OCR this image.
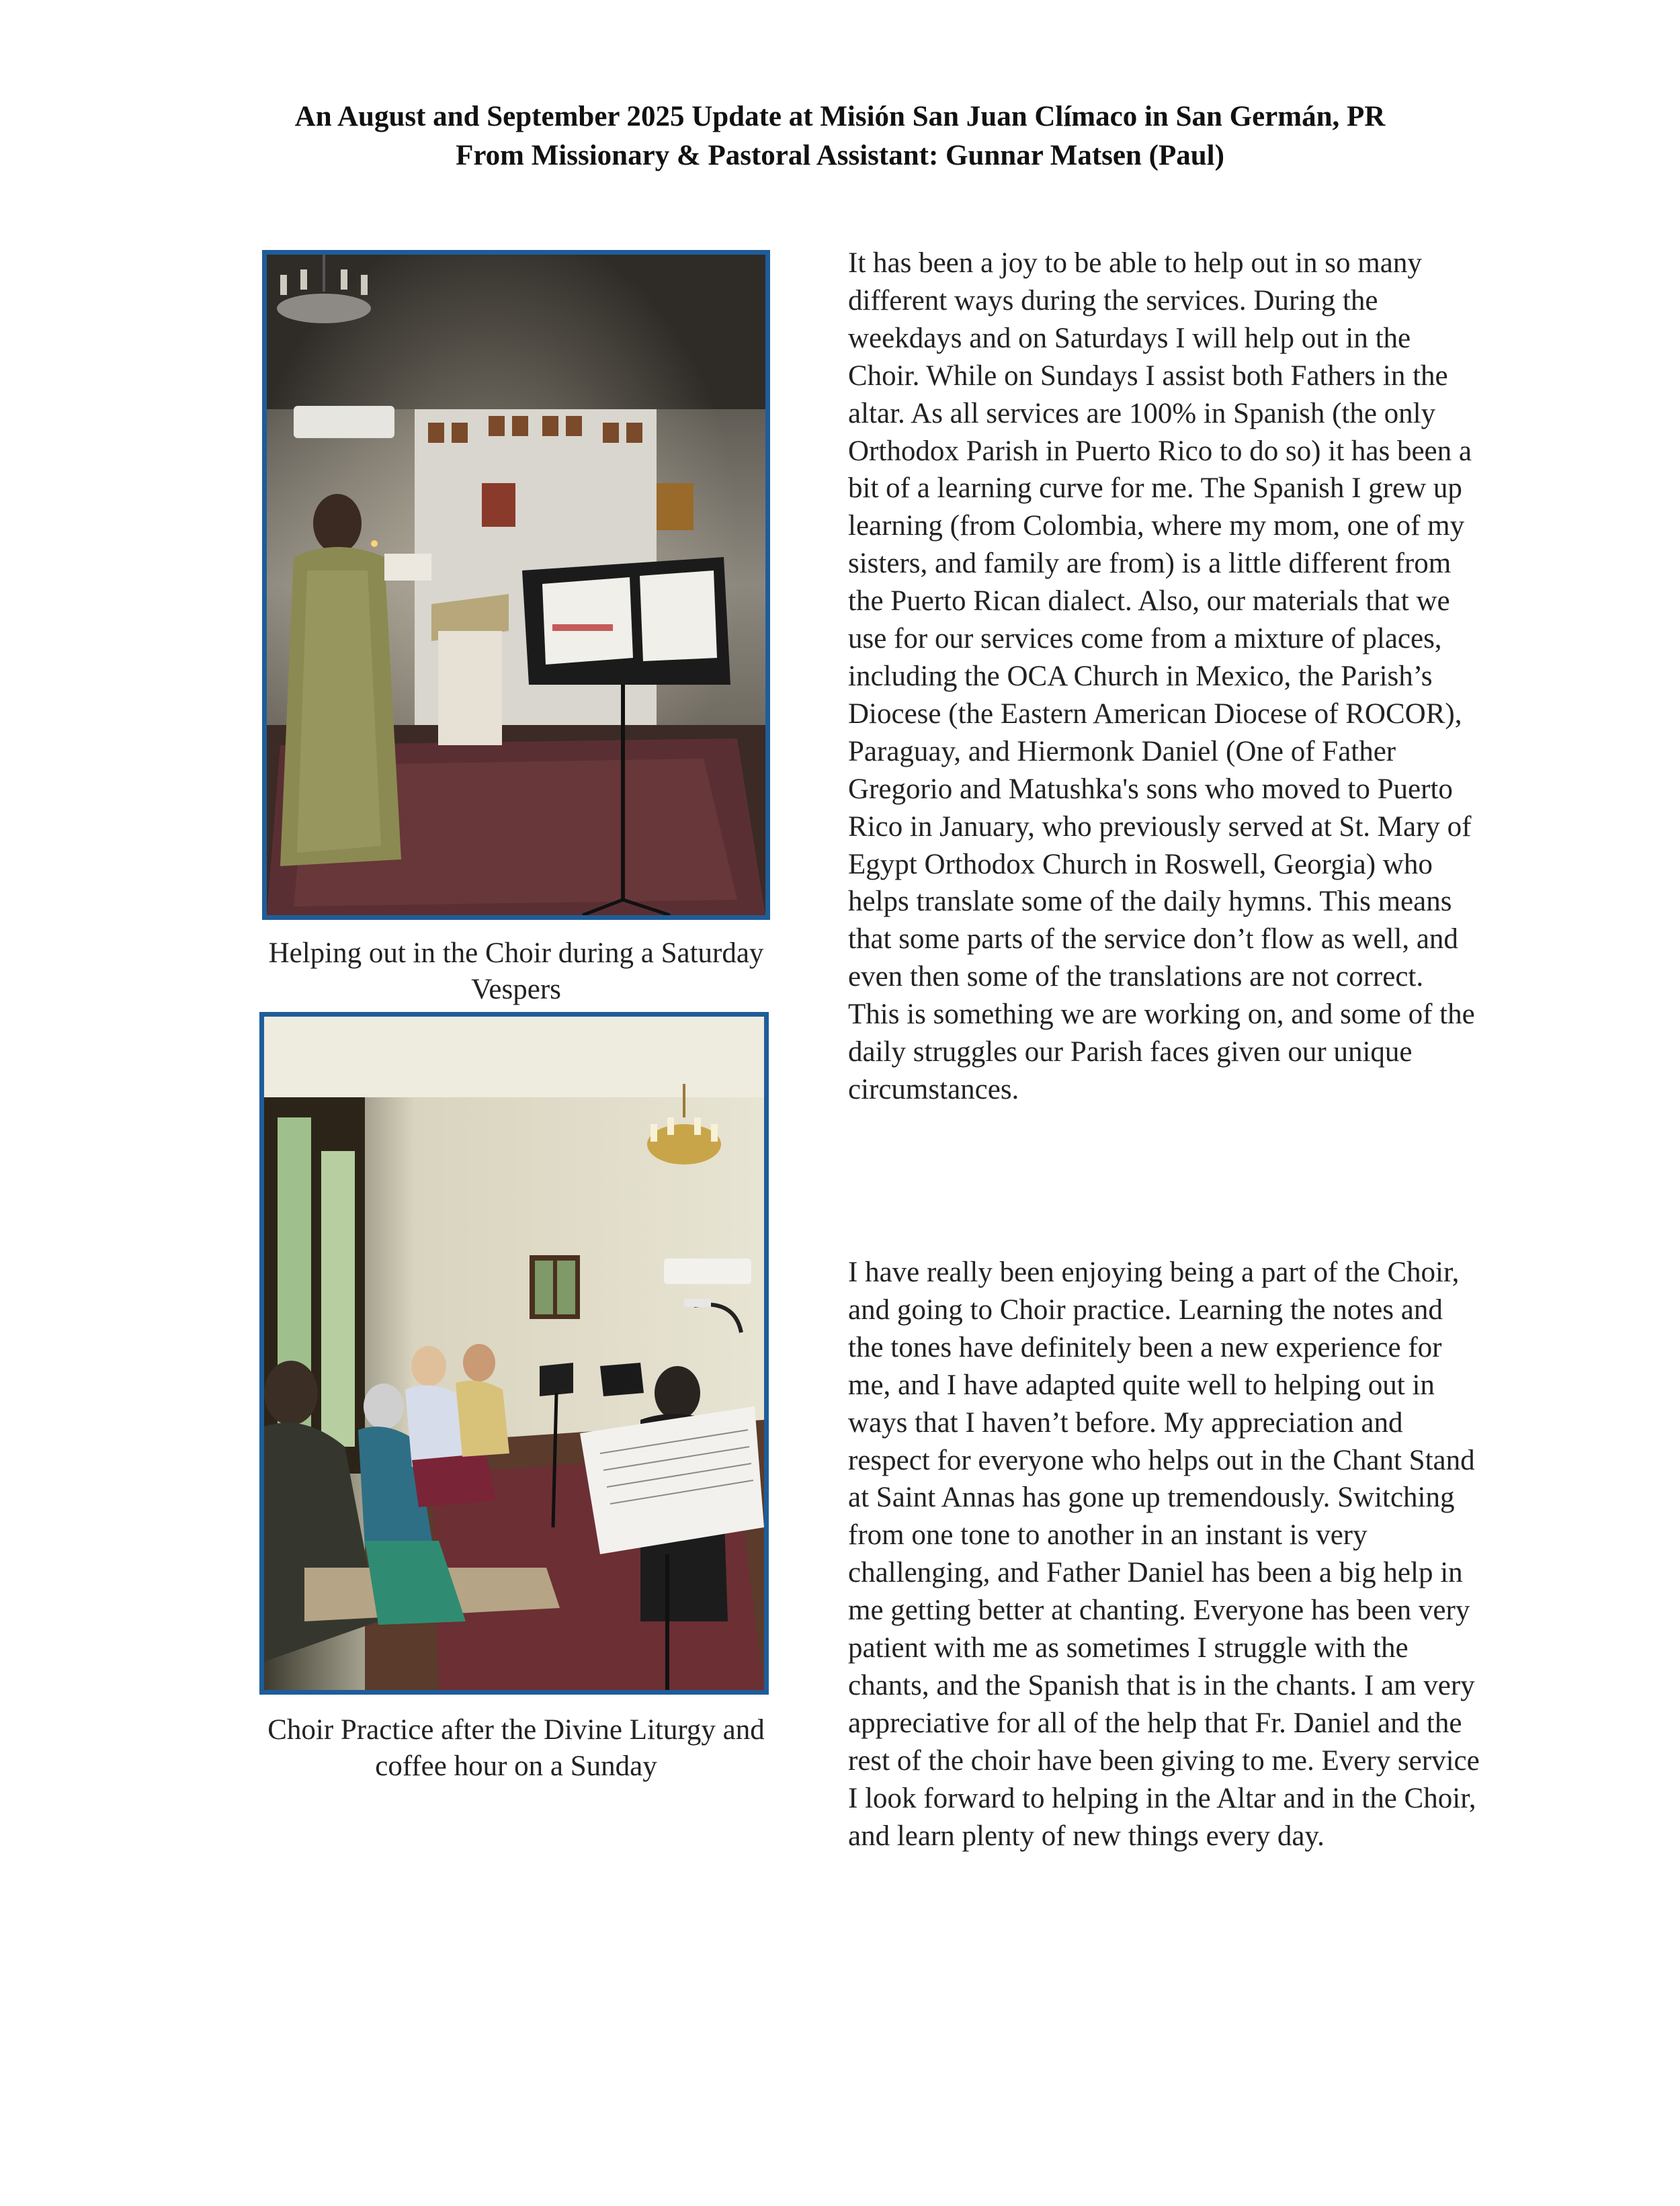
An August and September 2025 Update at Misión San Juan Clímaco in San Germán, PR
From Missionary & Pastoral Assistant: Gunnar Matsen (Paul)
Helping out in the Choir during a Saturday Vespers
Choir Practice after the Divine Liturgy and coffee hour on a Sunday

It has been a joy to be able to help out in so many different ways during the services. During the weekdays and on Saturdays I will help out in the Choir. While on Sundays I assist both Fathers in the altar. As all services are 100% in Spanish (the only Orthodox Parish in Puerto Rico to do so) it has been a bit of a learning curve for me. The Spanish I grew up learning (from Colombia, where my mom, one of my sisters, and family are from) is a little different from the Puerto Rican dialect. Also, our materials that we use for our services come from a mixture of places, including the OCA Church in Mexico, the Parish’s Diocese (the Eastern American Diocese of ROCOR), Paraguay, and Hiermonk Daniel (One of Father Gregorio and Matushka's sons who moved to Puerto Rico in January, who previously served at St. Mary of Egypt Orthodox Church in Roswell, Georgia) who helps translate some of the daily hymns. This means that some parts of the service don’t flow as well, and even then some of the translations are not correct. This is something we are working on, and some of the daily struggles our Parish faces given our unique circumstances.

I have really been enjoying being a part of the Choir, and going to Choir practice. Learning the notes and the tones have definitely been a new experience for me, and I have adapted quite well to helping out in ways that I haven’t before. My appreciation and respect for everyone who helps out in the Chant Stand at Saint Annas has gone up tremendously. Switching from one tone to another in an instant is very challenging, and Father Daniel has been a big help in me getting better at chanting. Everyone has been very patient with me as sometimes I struggle with the chants, and the Spanish that is in the chants. I am very appreciative for all of the help that Fr. Daniel and the rest of the choir have been giving to me. Every service I look forward to helping in the Altar and in the Choir, and learn plenty of new things every day.
